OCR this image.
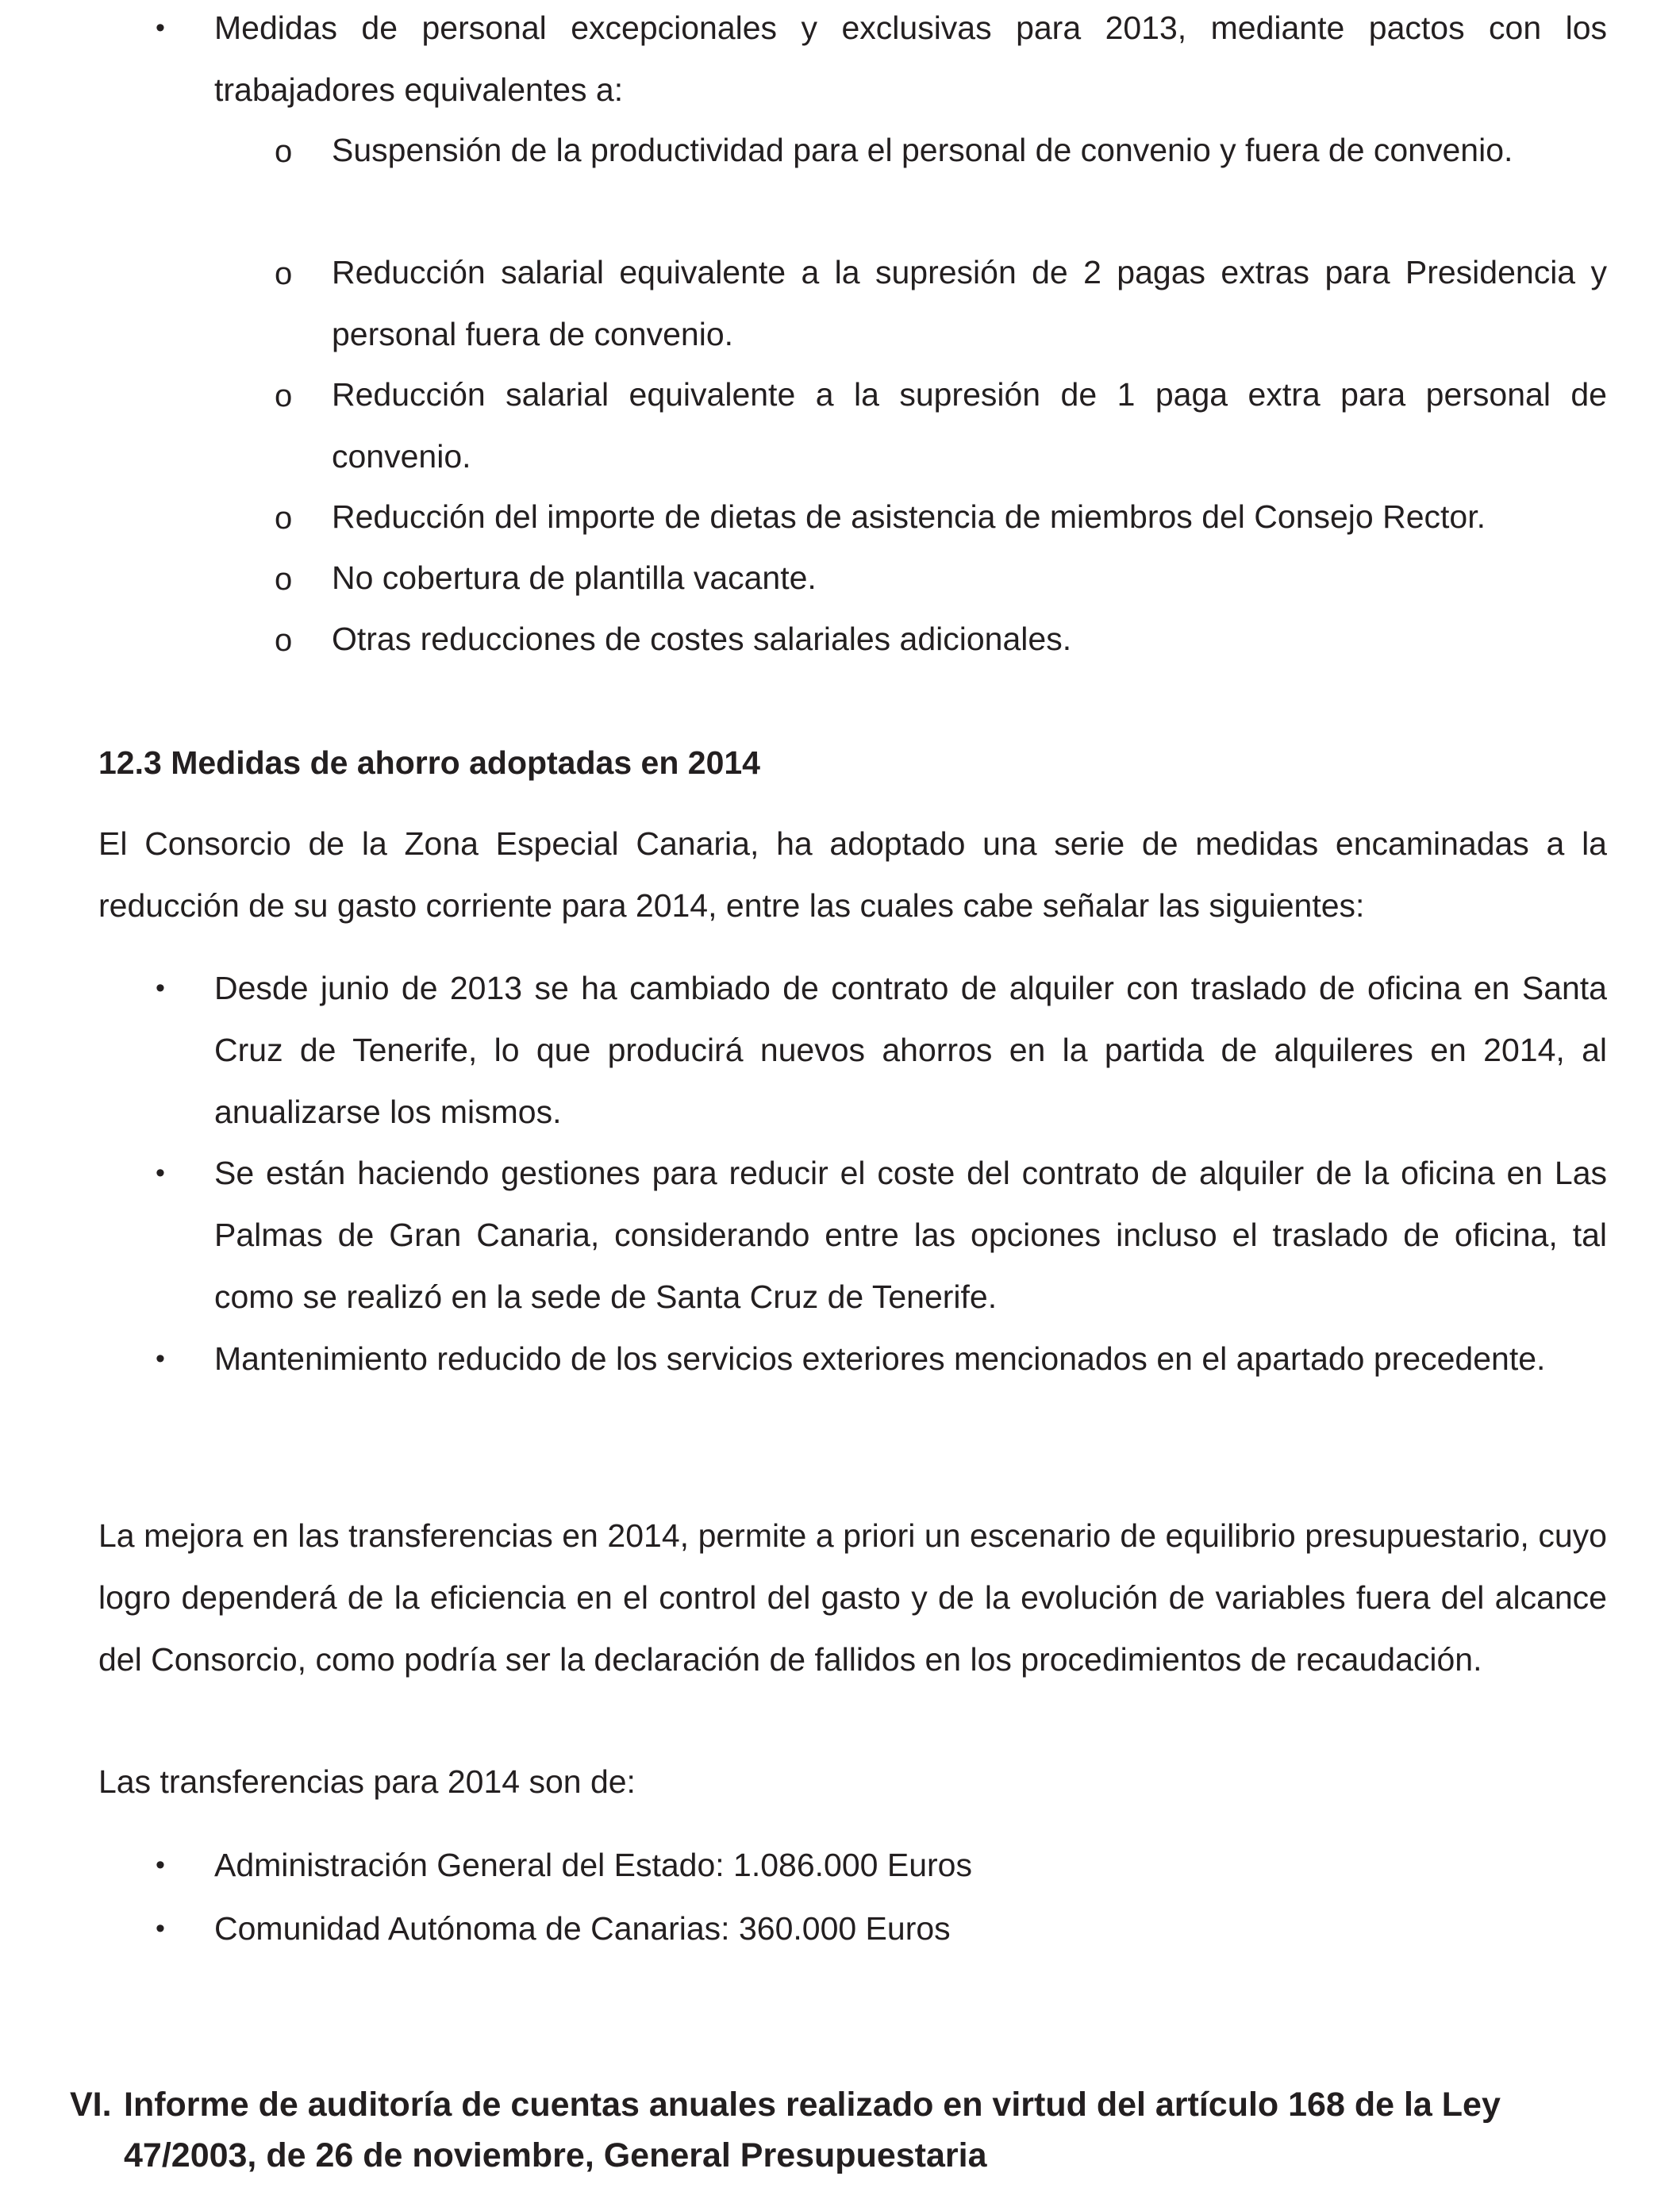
• Medidas de personal excepcionales y exclusivas para 2013, mediante pactos con los trabajadores equivalentes a:
o Suspensión de la productividad para el personal de convenio y fuera de convenio.
o Reducción salarial equivalente a la supresión de 2 pagas extras para Presidencia y personal fuera de convenio.
o Reducción salarial equivalente a la supresión de 1 paga extra para personal de convenio.
o Reducción del importe de dietas de asistencia de miembros del Consejo Rector.
o No cobertura de plantilla vacante.
o Otras reducciones de costes salariales adicionales.
12.3 Medidas de ahorro adoptadas en 2014
El Consorcio de la Zona Especial Canaria, ha adoptado una serie de medidas encaminadas a la reducción de su gasto corriente para 2014, entre las cuales cabe señalar las siguientes:
• Desde junio de 2013 se ha cambiado de contrato de alquiler con traslado de oficina en Santa Cruz de Tenerife, lo que producirá nuevos ahorros en la partida de alquileres en 2014, al anualizarse los mismos.
• Se están haciendo gestiones para reducir el coste del contrato de alquiler de la oficina en Las Palmas de Gran Canaria, considerando entre las opciones incluso el traslado de oficina, tal como se realizó en la sede de Santa Cruz de Tenerife.
• Mantenimiento reducido de los servicios exteriores mencionados en el apartado precedente.
La mejora en las transferencias en 2014, permite a priori un escenario de equilibrio presupuestario, cuyo logro dependerá de la eficiencia en el control del gasto y de la evolución de variables fuera del alcance del Consorcio, como podría ser la declaración de fallidos en los procedimientos de recaudación.
Las transferencias para 2014 son de:
• Administración General del Estado: 1.086.000 Euros
• Comunidad Autónoma de Canarias: 360.000 Euros
VI. Informe de auditoría de cuentas anuales realizado en virtud del artículo 168 de la Ley
47/2003, de 26 de noviembre, General Presupuestaria
